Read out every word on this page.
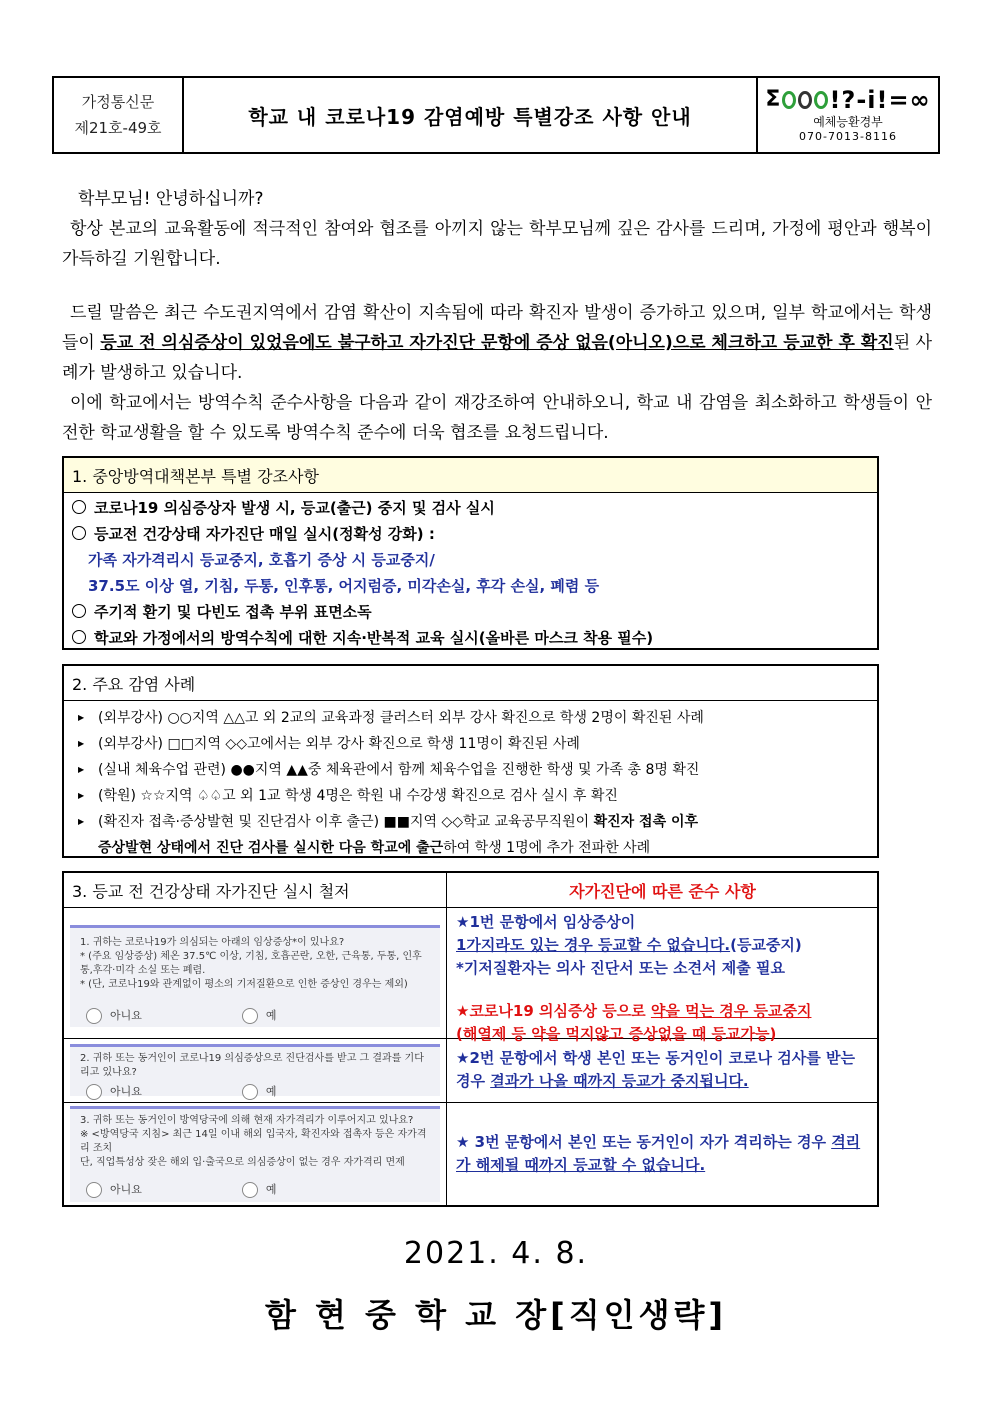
가정통신문
제21호-49호	학교 내 코로나19 감염예방 특별강조 사항 안내
Σ !?-i!=∞
예체능환경부
070-7013-8116
학부모님! 안녕하십니까?
항상 본교의 교육활동에 적극적인 참여와 협조를 아끼지 않는 학부모님께 깊은 감사를 드리며, 가정에 평안과 행복이 가득하길 기원합니다.
드릴 말씀은 최근 수도권지역에서 감염 확산이 지속됨에 따라 확진자 발생이 증가하고 있으며, 일부 학교에서는 학생들이 등교 전 의심증상이 있었음에도 불구하고 자가진단 문항에 증상 없음(아니오)으로 체크하고 등교한 후 확진된 사례가 발생하고 있습니다.
이에 학교에서는 방역수칙 준수사항을 다음과 같이 재강조하여 안내하오니, 학교 내 감염을 최소화하고 학생들이 안전한 학교생활을 할 수 있도록 방역수칙 준수에 더욱 협조를 요청드립니다.
1. 중앙방역대책본부 특별 강조사항
코로나19 의심증상자 발생 시, 등교(출근) 중지 및 검사 실시
등교전 건강상태 자가진단 매일 실시(정확성 강화) :
가족 자가격리시 등교중지, 호흡기 증상 시 등교중지/
37.5도 이상 열, 기침, 두통, 인후통, 어지럼증, 미각손실, 후각 손실, 폐렴 등
주기적 환기 및 다빈도 접촉 부위 표면소독
학교와 가정에서의 방역수칙에 대한 지속·반복적 교육 실시(올바른 마스크 착용 필수)
2. 주요 감염 사례
▶ (외부강사) ○○지역 △△고 외 2교의 교육과정 클러스터 외부 강사 확진으로 학생 2명이 확진된 사례
▶ (외부강사) □□지역 ◇◇고에서는 외부 강사 확진으로 학생 11명이 확진된 사례
▶ (실내 체육수업 관련) ●●지역 ▲▲중 체육관에서 함께 체육수업을 진행한 학생 및 가족 총 8명 확진
▶ (학원) ☆☆지역 ♤♤고 외 1교 학생 4명은 학원 내 수강생 확진으로 검사 실시 후 확진
▶ (확진자 접촉·증상발현 및 진단검사 이후 출근) ■■지역 ◇◇학교 교육공무직원이 확진자 접촉 이후
증상발현 상태에서 진단 검사를 실시한 다음 학교에 출근하여 학생 1명에 추가 전파한 사례
3. 등교 전 건강상태 자가진단 실시 철저	자가진단에 따른 준수 사항
1. 귀하는 코로나19가 의심되는 아래의 임상증상*이 있나요?
* (주요 임상증상) 체온 37.5℃ 이상, 기침, 호흡곤란, 오한, 근육통, 두통, 인후통,후각·미각 소실 또는 폐렴.
* (단, 코로나19와 관계없이 평소의 기저질환으로 인한 증상인 경우는 제외)
아니요	예
★1번 문항에서 임상증상이
1가지라도 있는 경우 등교할 수 없습니다.(등교중지)
*기저질환자는 의사 진단서 또는 소견서 제출 필요
★코로나19 의심증상 등으로 약을 먹는 경우 등교중지
(해열제 등 약을 먹지않고 증상없을 때 등교가능)
2. 귀하 또는 동거인이 코로나19 의심증상으로 진단검사를 받고 그 결과를 기다리고 있나요?
아니요	예
★2번 문항에서 학생 본인 또는 동거인이 코로나 검사를 받는 경우 결과가 나올 때까지 등교가 중지됩니다.
3. 귀하 또는 동거인이 방역당국에 의해 현재 자가격리가 이루어지고 있나요?
※ <방역당국 지침> 최근 14일 이내 해외 입국자, 확진자와 접촉자 등은 자가격리 조치
단, 직업특성상 잦은 해외 입·출국으로 의심증상이 없는 경우 자가격리 면제
아니요	예
★ 3번 문항에서 본인 또는 동거인이 자가 격리하는 경우 격리가 해제될 때까지 등교할 수 없습니다.
2021. 4. 8.
함 현 중 학 교 장[직인생략]
